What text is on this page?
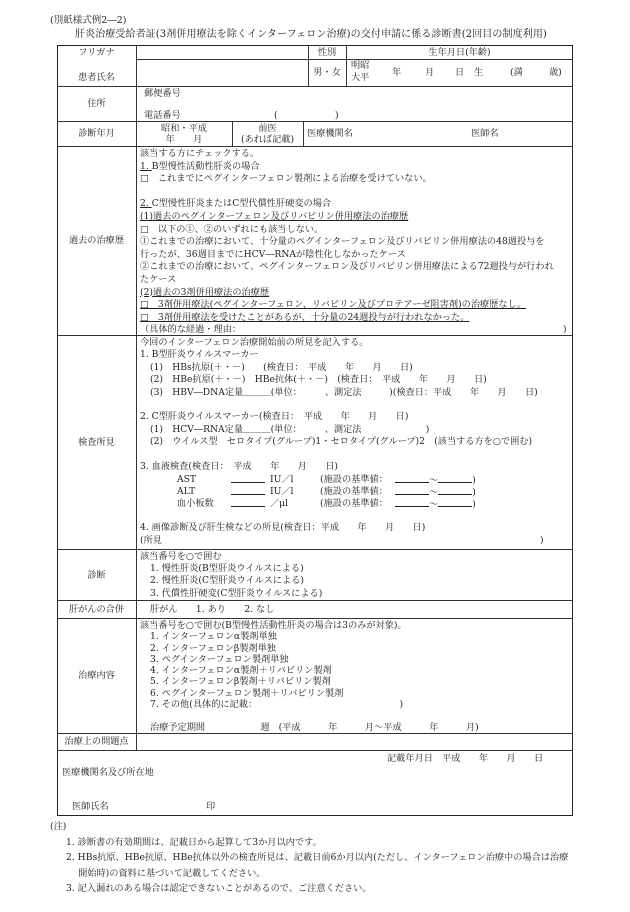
(別紙様式例2―2)
肝炎治療受給者証(3剤併用療法を除くインターフェロン治療)の交付申請に係る診断書(2回目の制度利用)
フリガナ
患者氏名
性別
男・女
生年月日(年齢)
明昭
大平 年	月 日 生	(満	歳)
住所
郵便番号
電話番号	(	)
診断年月	昭和・平成
年　　月
前医
(あれば記載)
医療機関名	医師名
過去の治療歴
該当する方にチェックする。
1. B型慢性活動性肝炎の場合
□　これまでにペグインターフェロン製剤による治療を受けていない。
2. C型慢性肝炎またはC型代償性肝硬変の場合
(1)過去のペグインターフェロン及びリバビリン併用療法の治療歴
□　以下の①、②のいずれにも該当しない。
①これまでの治療において、十分量のペグインターフェロン及びリバビリン併用療法の48週投与を
行ったが、36週目までにHCV―RNAが陰性化しなかったケース
②これまでの治療において、ペグインターフェロン及びリバビリン併用療法による72週投与が行われ
たケース
(2)過去の3剤併用療法の治療歴
□　3剤併用療法(ペグインターフェロン、リバビリン及びプロテアーゼ阻害剤)の治療歴なし。
□　3剤併用療法を受けたことがあるが、十分量の24週投与が行われなかった。
（具体的な経過・理由：	)
検査所見
今回のインターフェロン治療開始前の所見を記入する。
1. B型肝炎ウイルスマーカー
(1)　HBs抗原(＋・－)　　(検査日：　平成　　年　　月　　日)
(2)　HBe抗原(＋・－)　HBe抗体(＋・－)　(検査日：　平成　　年　　月　　日)
(3)　HBV―DNA定量＿＿＿(単位：　　　、測定法　　　)(検査日：平成　　年　　月　　日)
2. C型肝炎ウイルスマーカー(検査日：　平成　　年　　月　　日)
(1)　HCV―RNA定量＿＿＿(単位：　　　、測定法　　　　　　　)
(2)　ウイルス型　セロタイプ(グループ)1・セロタイプ(グループ)2　(該当する方を○で囲む)
3. 血液検査(検査日：　平成　　年　　月　　日)
AST	IU／l	(施設の基準値：	～	)
ALT	IU／l	(施設の基準値：	～	)
血小板数	／μl	(施設の基準値：	～	)
4. 画像診断及び肝生検などの所見(検査日：平成　　年　　月　　日)
(所見	)
診断
該当番号を○で囲む
1. 慢性肝炎(B型肝炎ウイルスによる)
2. 慢性肝炎(C型肝炎ウイルスによる)
3. 代償性肝硬変(C型肝炎ウイルスによる)
肝がんの合併	肝がん　　1. あり　　2. なし
治療内容
該当番号を○で囲む(B型慢性活動性肝炎の場合は3のみが対象)。
1. インターフェロンα製剤単独
2. インターフェロンβ製剤単独
3. ペグインターフェロン製剤単独
4. インターフェロンα製剤＋リバビリン製剤
5. インターフェロンβ製剤＋リバビリン製剤
6. ペグインターフェロン製剤＋リバビリン製剤
7. その他(具体的に記載：　　　　　　　　　　　　　　　　)
治療予定期間　　　　　　週　(平成　　　年　　　月～平成　　　年　　　月)
治療上の問題点
記載年月日　平成　　年　　月　　日
医療機関名及び所在地
医師氏名	印
(注)
1. 診断書の有効期間は、記載日から起算して3か月以内です。
2. HBs抗原、HBe抗原、HBe抗体以外の検査所見は、記載日前6か月以内(ただし、インターフェロン治療中の場合は治療
　 開始時)の資料に基づいて記載してください。
3. 記入漏れのある場合は認定できないことがあるので、ご注意ください。
